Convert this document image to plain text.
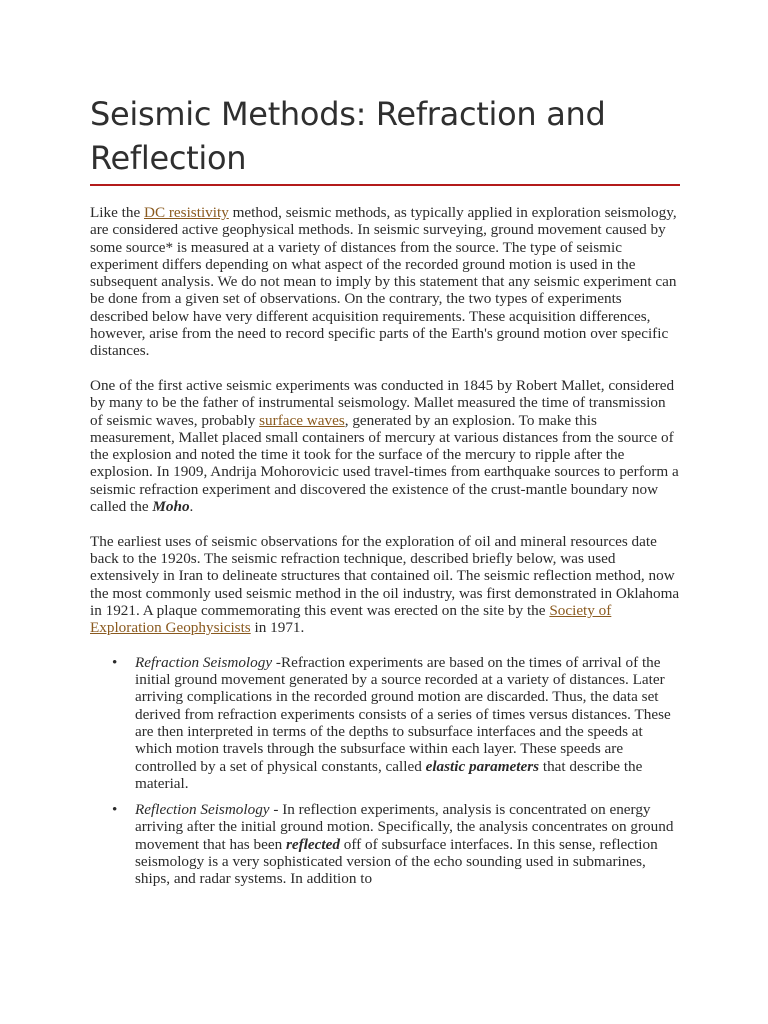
Seismic Methods: Refraction and Reflection

Like the DC resistivity method, seismic methods, as typically applied in exploration seismology, are considered active geophysical methods. In seismic surveying, ground movement caused by some source* is measured at a variety of distances from the source. The type of seismic experiment differs depending on what aspect of the recorded ground motion is used in the subsequent analysis. We do not mean to imply by this statement that any seismic experiment can be done from a given set of observations. On the contrary, the two types of experiments described below have very different acquisition requirements. These acquisition differences, however, arise from the need to record specific parts of the Earth's ground motion over specific distances.

One of the first active seismic experiments was conducted in 1845 by Robert Mallet, considered by many to be the father of instrumental seismology. Mallet measured the time of transmission of seismic waves, probably surface waves, generated by an explosion. To make this measurement, Mallet placed small containers of mercury at various distances from the source of the explosion and noted the time it took for the surface of the mercury to ripple after the explosion. In 1909, Andrija Mohorovicic used travel-times from earthquake sources to perform a seismic refraction experiment and discovered the existence of the crust-mantle boundary now called the Moho.

The earliest uses of seismic observations for the exploration of oil and mineral resources date back to the 1920s. The seismic refraction technique, described briefly below, was used extensively in Iran to delineate structures that contained oil. The seismic reflection method, now the most commonly used seismic method in the oil industry, was first demonstrated in Oklahoma in 1921. A plaque commemorating this event was erected on the site by the Society of Exploration Geophysicists in 1971.

• Refraction Seismology -Refraction experiments are based on the times of arrival of the initial ground movement generated by a source recorded at a variety of distances. Later arriving complications in the recorded ground motion are discarded. Thus, the data set derived from refraction experiments consists of a series of times versus distances. These are then interpreted in terms of the depths to subsurface interfaces and the speeds at which motion travels through the subsurface within each layer. These speeds are controlled by a set of physical constants, called elastic parameters that describe the material.
• Reflection Seismology - In reflection experiments, analysis is concentrated on energy arriving after the initial ground motion. Specifically, the analysis concentrates on ground movement that has been reflected off of subsurface interfaces. In this sense, reflection seismology is a very sophisticated version of the echo sounding used in submarines, ships, and radar systems. In addition to
